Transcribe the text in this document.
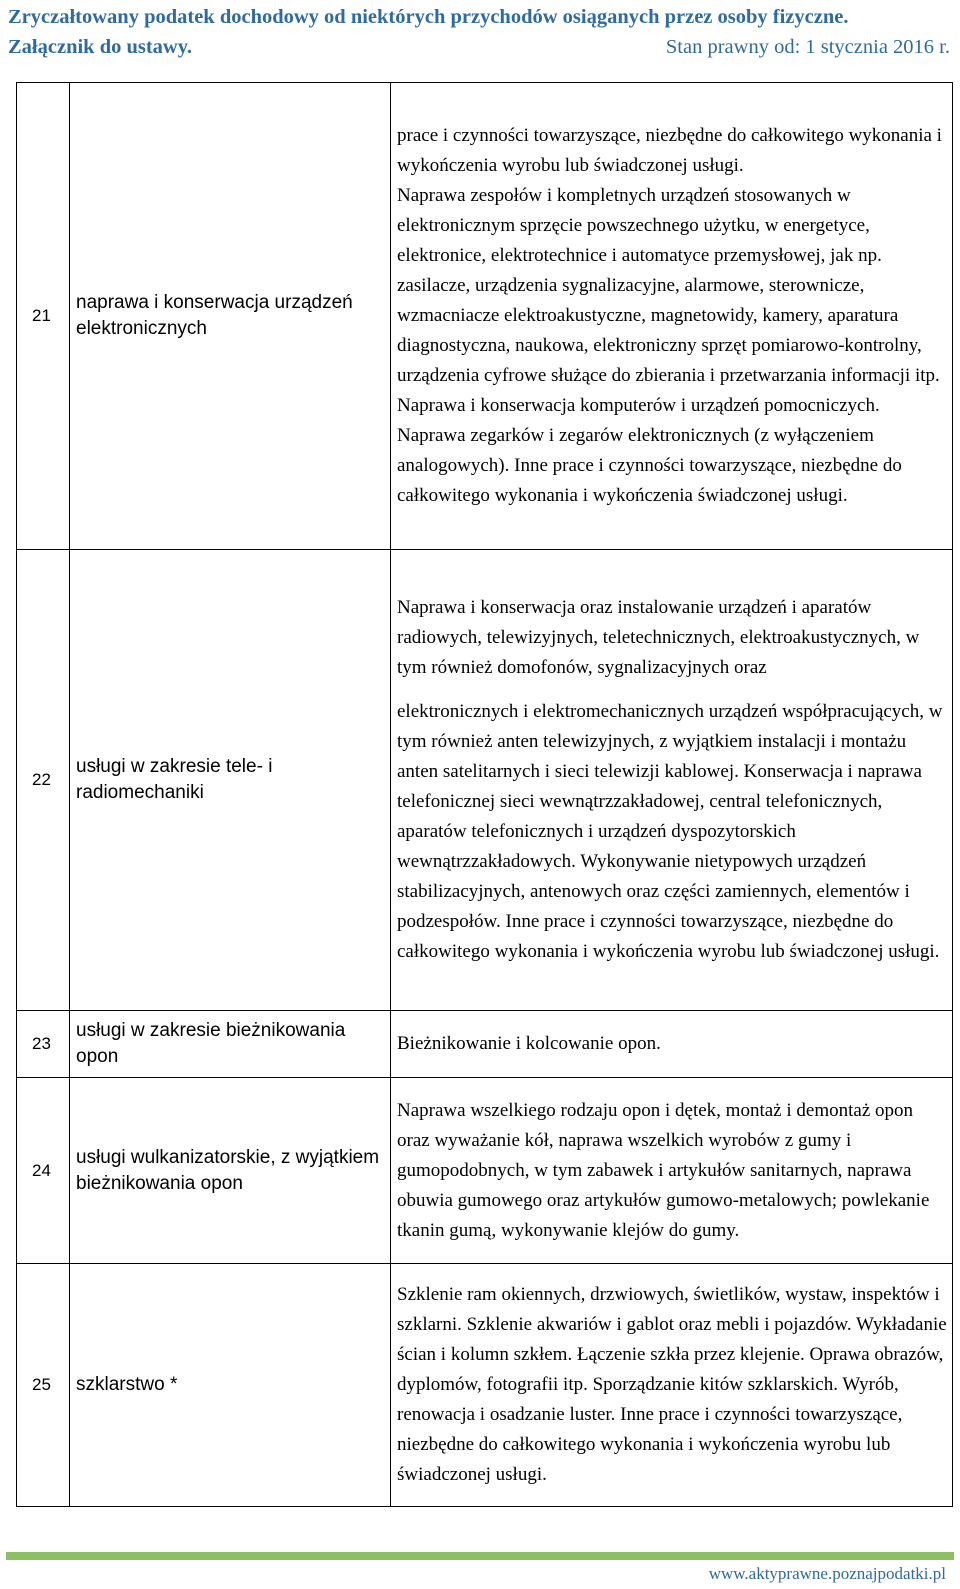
Zryczałtowany podatek dochodowy od niektórych przychodów osiąganych przez osoby fizyczne.
Załącznik do ustawy.	Stan prawny od: 1 stycznia 2016 r.
21	naprawa i konserwacja urządzeń elektronicznych	prace i czynności towarzyszące, niezbędne do całkowitego wykonania i wykończenia wyrobu lub świadczonej usługi.

Naprawa zespołów i kompletnych urządzeń stosowanych w elektronicznym sprzęcie powszechnego użytku, w energetyce, elektronice, elektrotechnice i automatyce przemysłowej, jak np. zasilacze, urządzenia sygnalizacyjne, alarmowe, sterownicze, wzmacniacze elektroakustyczne, magnetowidy, kamery, aparatura diagnostyczna, naukowa, elektroniczny sprzęt pomiarowo-kontrolny, urządzenia cyfrowe służące do zbierania i przetwarzania informacji itp. Naprawa i konserwacja komputerów i urządzeń pomocniczych. Naprawa zegarków i zegarów elektronicznych (z wyłączeniem analogowych). Inne prace i czynności towarzyszące, niezbędne do całkowitego wykonania i wykończenia świadczonej usługi.

22	usługi w zakresie tele- i radiomechaniki	Naprawa i konserwacja oraz instalowanie urządzeń i aparatów radiowych, telewizyjnych, teletechnicznych, elektroakustycznych, w tym również domofonów, sygnalizacyjnych oraz

elektronicznych i elektromechanicznych urządzeń współpracujących, w tym również anten telewizyjnych, z wyjątkiem instalacji i montażu anten satelitarnych i sieci telewizji kablowej. Konserwacja i naprawa telefonicznej sieci wewnątrzzakładowej, central telefonicznych, aparatów telefonicznych i urządzeń dyspozytorskich wewnątrzzakładowych. Wykonywanie nietypowych urządzeń stabilizacyjnych, antenowych oraz części zamiennych, elementów i podzespołów. Inne prace i czynności towarzyszące, niezbędne do całkowitego wykonania i wykończenia wyrobu lub świadczonej usługi.

23	usługi w zakresie bieżnikowania opon	Bieżnikowanie i kolcowanie opon.

24	usługi wulkanizatorskie, z wyjątkiem bieżnikowania opon	Naprawa wszelkiego rodzaju opon i dętek, montaż i demontaż opon oraz wyważanie kół, naprawa wszelkich wyrobów z gumy i gumopodobnych, w tym zabawek i artykułów sanitarnych, naprawa obuwia gumowego oraz artykułów gumowo-metalowych; powlekanie tkanin gumą, wykonywanie klejów do gumy.

25	szklarstwo *	Szklenie ram okiennych, drzwiowych, świetlików, wystaw, inspektów i szklarni. Szklenie akwariów i gablot oraz mebli i pojazdów. Wykładanie ścian i kolumn szkłem. Łączenie szkła przez klejenie. Oprawa obrazów, dyplomów, fotografii itp. Sporządzanie kitów szklarskich. Wyrób, renowacja i osadzanie luster. Inne prace i czynności towarzyszące, niezbędne do całkowitego wykonania i wykończenia wyrobu lub świadczonej usługi.

www.aktyprawne.poznajpodatki.pl
